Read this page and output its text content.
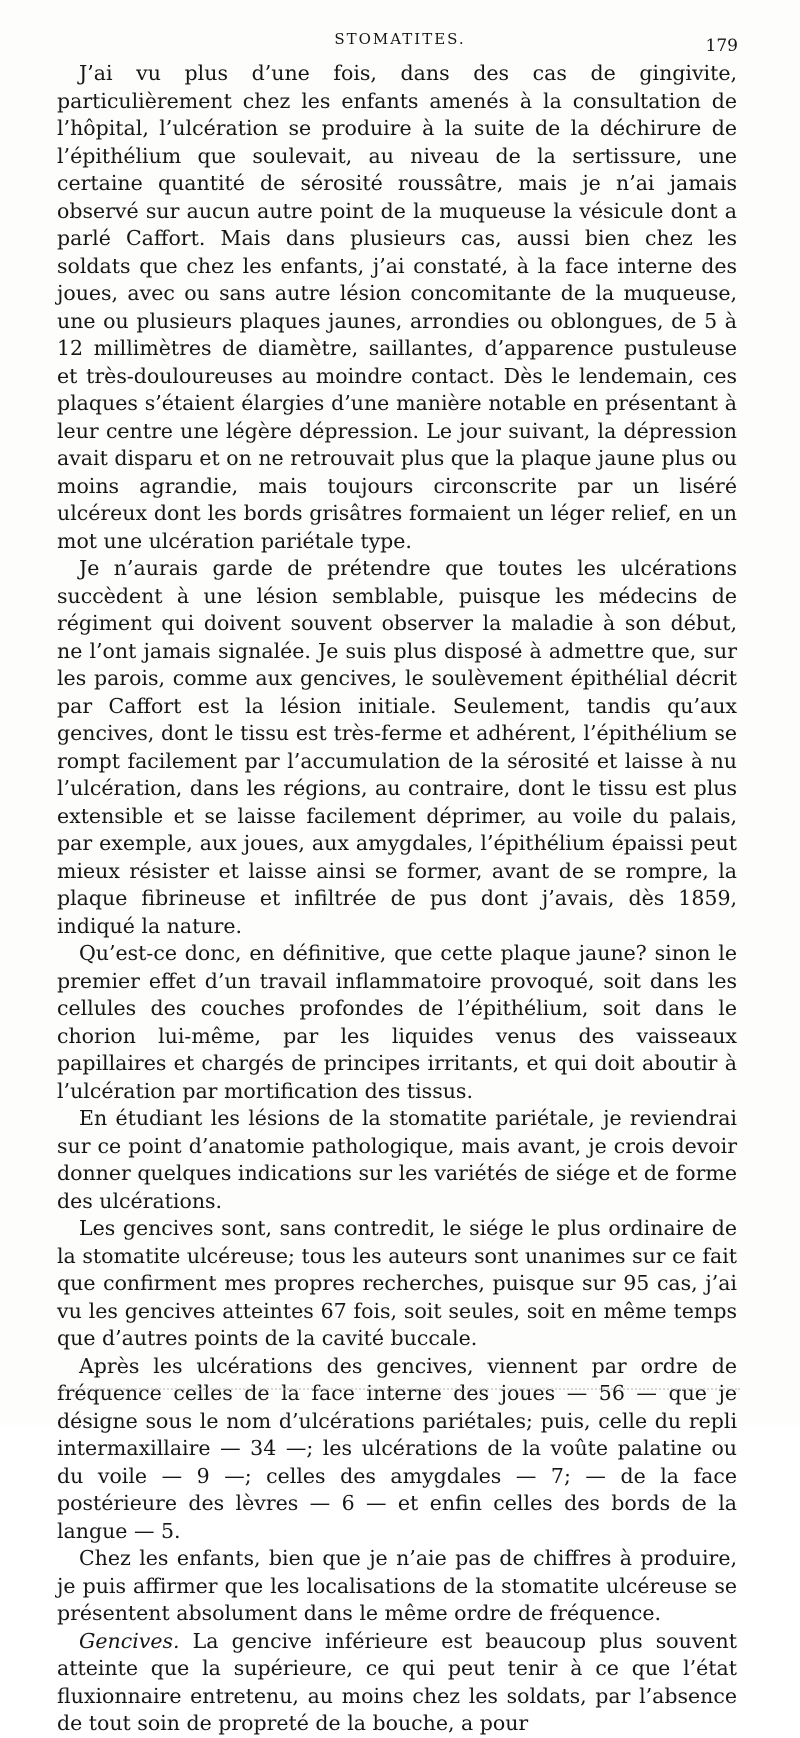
STOMATITES.	179

J’ai vu plus d’une fois, dans des cas de gingivite, particulièrement chez les enfants amenés à la consultation de l’hôpital, l’ulcération se produire à la suite de la déchirure de l’épithélium que soulevait, au niveau de la sertissure, une certaine quantité de sérosité roussâtre, mais je n’ai jamais observé sur aucun autre point de la muqueuse la vésicule dont a parlé Caffort. Mais dans plusieurs cas, aussi bien chez les soldats que chez les enfants, j’ai constaté, à la face interne des joues, avec ou sans autre lésion concomitante de la muqueuse, une ou plusieurs plaques jaunes, arrondies ou oblongues, de 5 à 12 millimètres de diamètre, saillantes, d’apparence pustuleuse et très-douloureuses au moindre contact. Dès le lendemain, ces plaques s’étaient élargies d’une manière notable en présentant à leur centre une légère dépression. Le jour suivant, la dépression avait disparu et on ne retrouvait plus que la plaque jaune plus ou moins agrandie, mais toujours circonscrite par un liséré ulcéreux dont les bords grisâtres formaient un léger relief, en un mot une ulcération pariétale type.

Je n’aurais garde de prétendre que toutes les ulcérations succèdent à une lésion semblable, puisque les médecins de régiment qui doivent souvent observer la maladie à son début, ne l’ont jamais signalée. Je suis plus disposé à admettre que, sur les parois, comme aux gencives, le soulèvement épithélial décrit par Caffort est la lésion initiale. Seulement, tandis qu’aux gencives, dont le tissu est très-ferme et adhérent, l’épithélium se rompt facilement par l’accumulation de la sérosité et laisse à nu l’ulcération, dans les régions, au contraire, dont le tissu est plus extensible et se laisse facilement déprimer, au voile du palais, par exemple, aux joues, aux amygdales, l’épithélium épaissi peut mieux résister et laisse ainsi se former, avant de se rompre, la plaque fibrineuse et infiltrée de pus dont j’avais, dès 1859, indiqué la nature.

Qu’est-ce donc, en définitive, que cette plaque jaune? sinon le premier effet d’un travail inflammatoire provoqué, soit dans les cellules des couches profondes de l’épithélium, soit dans le chorion lui-même, par les liquides venus des vaisseaux papillaires et chargés de principes irritants, et qui doit aboutir à l’ulcération par mortification des tissus.

En étudiant les lésions de la stomatite pariétale, je reviendrai sur ce point d’anatomie pathologique, mais avant, je crois devoir donner quelques indications sur les variétés de siége et de forme des ulcérations.

Les gencives sont, sans contredit, le siége le plus ordinaire de la stomatite ulcéreuse; tous les auteurs sont unanimes sur ce fait que confirment mes propres recherches, puisque sur 95 cas, j’ai vu les gencives atteintes 67 fois, soit seules, soit en même temps que d’autres points de la cavité buccale.

Après les ulcérations des gencives, viennent par ordre de fréquence celles de la face interne des joues — 56 — que je désigne sous le nom d’ulcérations pariétales; puis, celle du repli intermaxillaire — 34 —; les ulcérations de la voûte palatine ou du voile — 9 —; celles des amygdales — 7; — de la face postérieure des lèvres — 6 — et enfin celles des bords de la langue — 5.

Chez les enfants, bien que je n’aie pas de chiffres à produire, je puis affirmer que les localisations de la stomatite ulcéreuse se présentent absolument dans le même ordre de fréquence.

Gencives. La gencive inférieure est beaucoup plus souvent atteinte que la supérieure, ce qui peut tenir à ce que l’état fluxionnaire entretenu, au moins chez les soldats, par l’absence de tout soin de propreté de la bouche, a pour
